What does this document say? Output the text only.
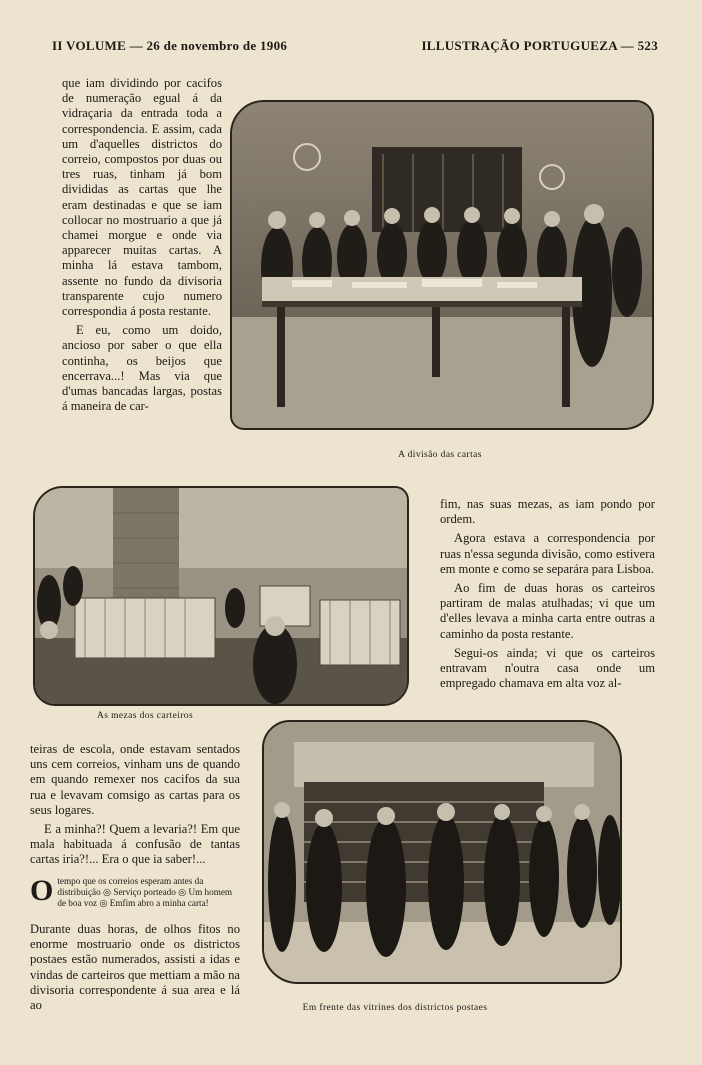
II VOLUME — 26 de novembro de 1906	ILLUSTRAÇÃO PORTUGUEZA — 523

que iam dividindo por cacifos de numeração egual á da vidraçaria da entrada toda a correspondencia. E assim, cada um d'aquelles districtos do correio, compostos por duas ou tres ruas, tinham já bom divididas as cartas que lhe eram destinadas e que se iam collocar no mostruario a que já chamei morgue e onde via apparecer muitas cartas. A minha lá estava tambom, assente no fundo da divisoria transparente cujo numero correspondia á posta restante.

E eu, como um doido, ancioso por saber o que ella continha, os beijos que encerrava...! Mas via que d'umas bancadas largas, postas á maneira de car-

A divisão das cartas
As mezas dos carteiros

fim, nas suas mezas, as iam pondo por ordem.

Agora estava a correspondencia por ruas n'essa segunda divisão, como estivera em monte e como se separára para Lisboa.

Ao fim de duas horas os carteiros partiram de malas atulhadas; vi que um d'elles levava a minha carta entre outras a caminho da posta restante.

Segui-os ainda; vi que os carteiros entravam n'outra casa onde um empregado chamava em alta voz al-

teiras de escola, onde estavam sentados uns cem correios, vinham uns de quando em quando remexer nos cacifos da sua rua e levavam comsigo as cartas para os seus logares.

E a minha?! Quem a levaria?! Em que mala habituada á confusão de tantas cartas iria?!... Era o que ia saber!...

O tempo que os correios esperam antes da distribuição ◎ Serviço porteado ◎ Um homem de boa voz ◎ Emfim abro a minha carta!

Durante duas horas, de olhos fitos no enorme mostruario onde os districtos postaes estão numerados, assisti a idas e vindas de carteiros que mettiam a mão na divisoria correspondente á sua area e lá ao	Em frente das vitrines dos districtos postaes
